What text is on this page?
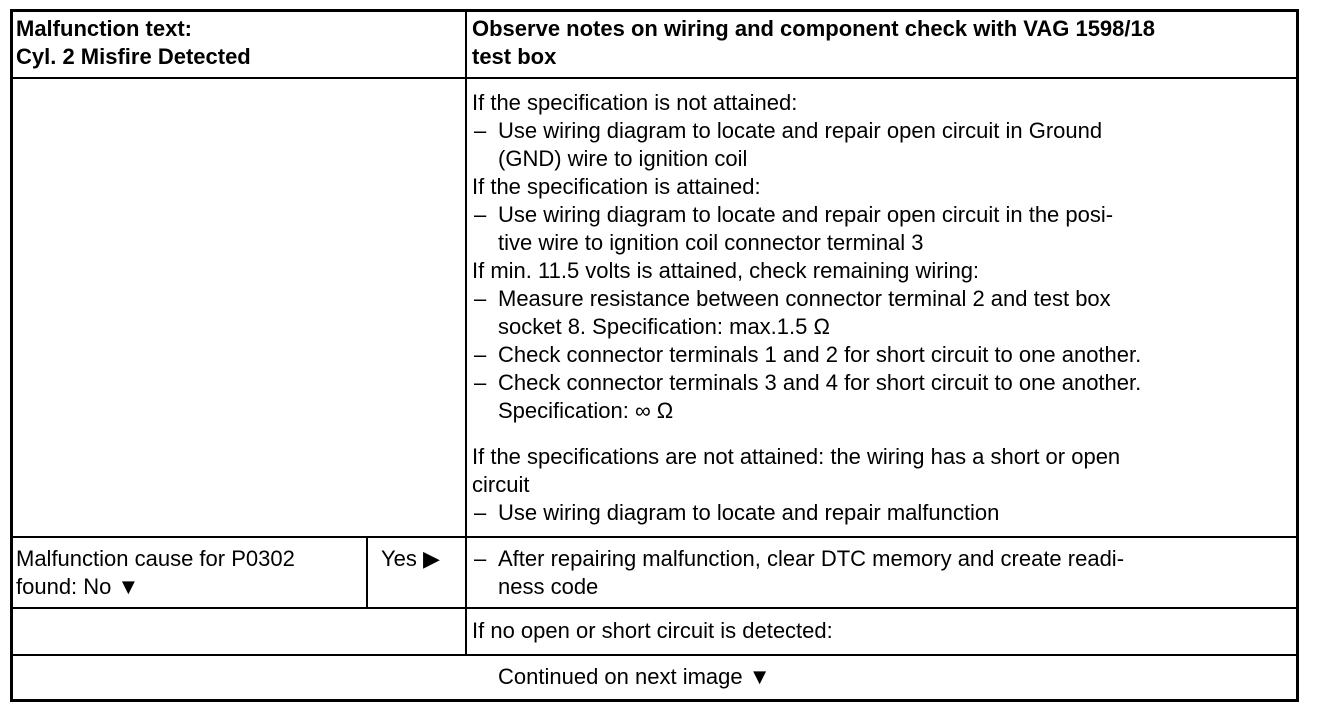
Malfunction text:
Cyl. 2 Misfire Detected
Observe notes on wiring and component check with VAG 1598/18
test box
If the specification is not attained:
– Use wiring diagram to locate and repair open circuit in Ground
(GND) wire to ignition coil
If the specification is attained:
– Use wiring diagram to locate and repair open circuit in the posi-
tive wire to ignition coil connector terminal 3
If min. 11.5 volts is attained, check remaining wiring:
– Measure resistance between connector terminal 2 and test box
socket 8. Specification: max.1.5 Ω
– Check connector terminals 1 and 2 for short circuit to one another.
– Check connector terminals 3 and 4 for short circuit to one another.
Specification: ∞ Ω
If the specifications are not attained: the wiring has a short or open
circuit
– Use wiring diagram to locate and repair malfunction
Malfunction cause for P0302
found: No ▼
Yes ▶ – After repairing malfunction, clear DTC memory and create readi-
ness code
If no open or short circuit is detected:
Continued on next image ▼
